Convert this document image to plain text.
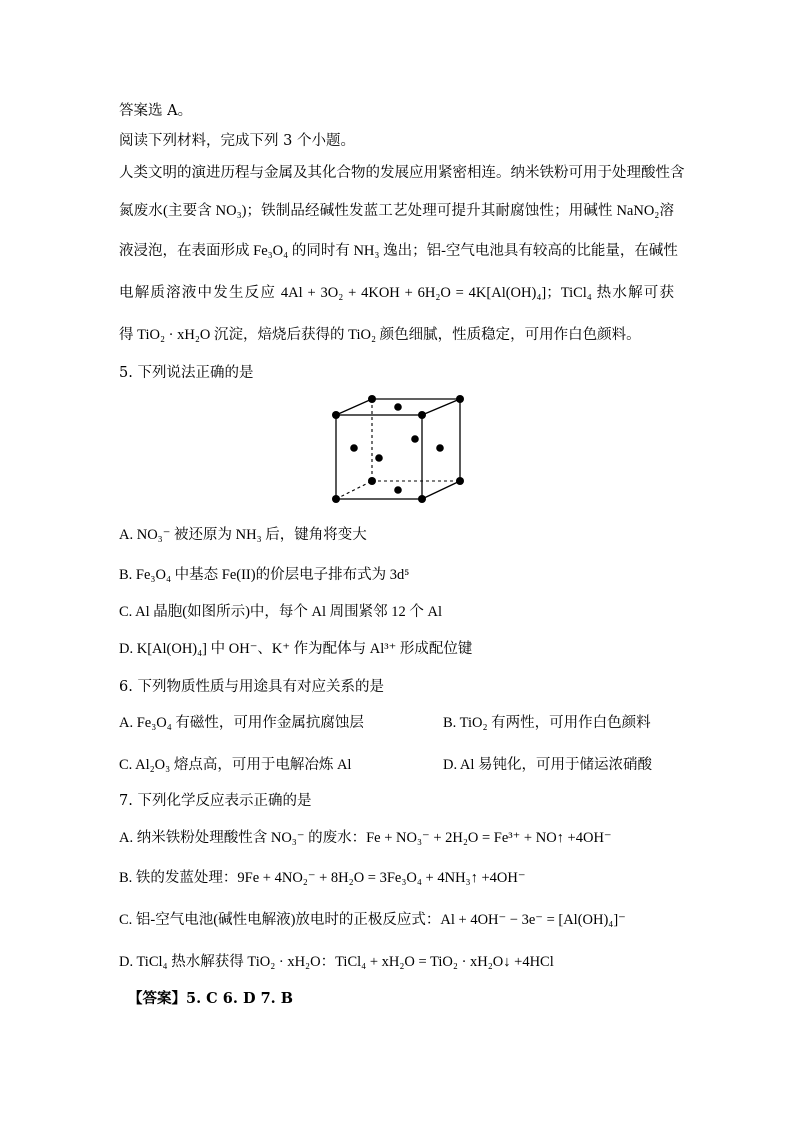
答案选 A。
阅读下列材料，完成下列 3 个小题。
人类文明的演进历程与金属及其化合物的发展应用紧密相连。纳米铁粉可用于处理酸性含
氮废水(主要含 NO₃)；铁制品经碱性发蓝工艺处理可提升其耐腐蚀性；用碱性 NaNO₂溶
液浸泡，在表面形成 Fe₃O₄ 的同时有 NH₃ 逸出；铝-空气电池具有较高的比能量，在碱性
电解质溶液中发生反应 4Al + 3O₂ + 4KOH + 6H₂O = 4K[Al(OH)₄]；TiCl₄ 热水解可获
得 TiO₂ · xH₂O 沉淀，焙烧后获得的 TiO₂ 颜色细腻，性质稳定，可用作白色颜料。
5. 下列说法正确的是
A. NO₃⁻ 被还原为 NH₃ 后，键角将变大
B. Fe₃O₄ 中基态 Fe(II)的价层电子排布式为 3d⁵
C. Al 晶胞(如图所示)中，每个 Al 周围紧邻 12 个 Al
D. K[Al(OH)₄] 中 OH⁻、K⁺ 作为配体与 Al³⁺ 形成配位键
6. 下列物质性质与用途具有对应关系的是
A. Fe₃O₄ 有磁性，可用作金属抗腐蚀层	B. TiO₂ 有两性，可用作白色颜料
C. Al₂O₃ 熔点高，可用于电解冶炼 Al	D. Al 易钝化，可用于储运浓硝酸
7. 下列化学反应表示正确的是
A. 纳米铁粉处理酸性含 NO₃⁻ 的废水：Fe + NO₃⁻ + 2H₂O = Fe³⁺ + NO↑ +4OH⁻
B. 铁的发蓝处理：9Fe + 4NO₂⁻ + 8H₂O = 3Fe₃O₄ + 4NH₃↑ +4OH⁻
C. 铝-空气电池(碱性电解液)放电时的正极反应式：Al + 4OH⁻ − 3e⁻ = [Al(OH)₄]⁻
D. TiCl₄ 热水解获得 TiO₂ · xH₂O：TiCl₄ + xH₂O = TiO₂ · xH₂O↓ +4HCl
【答案】5. C 6. D 7. B
